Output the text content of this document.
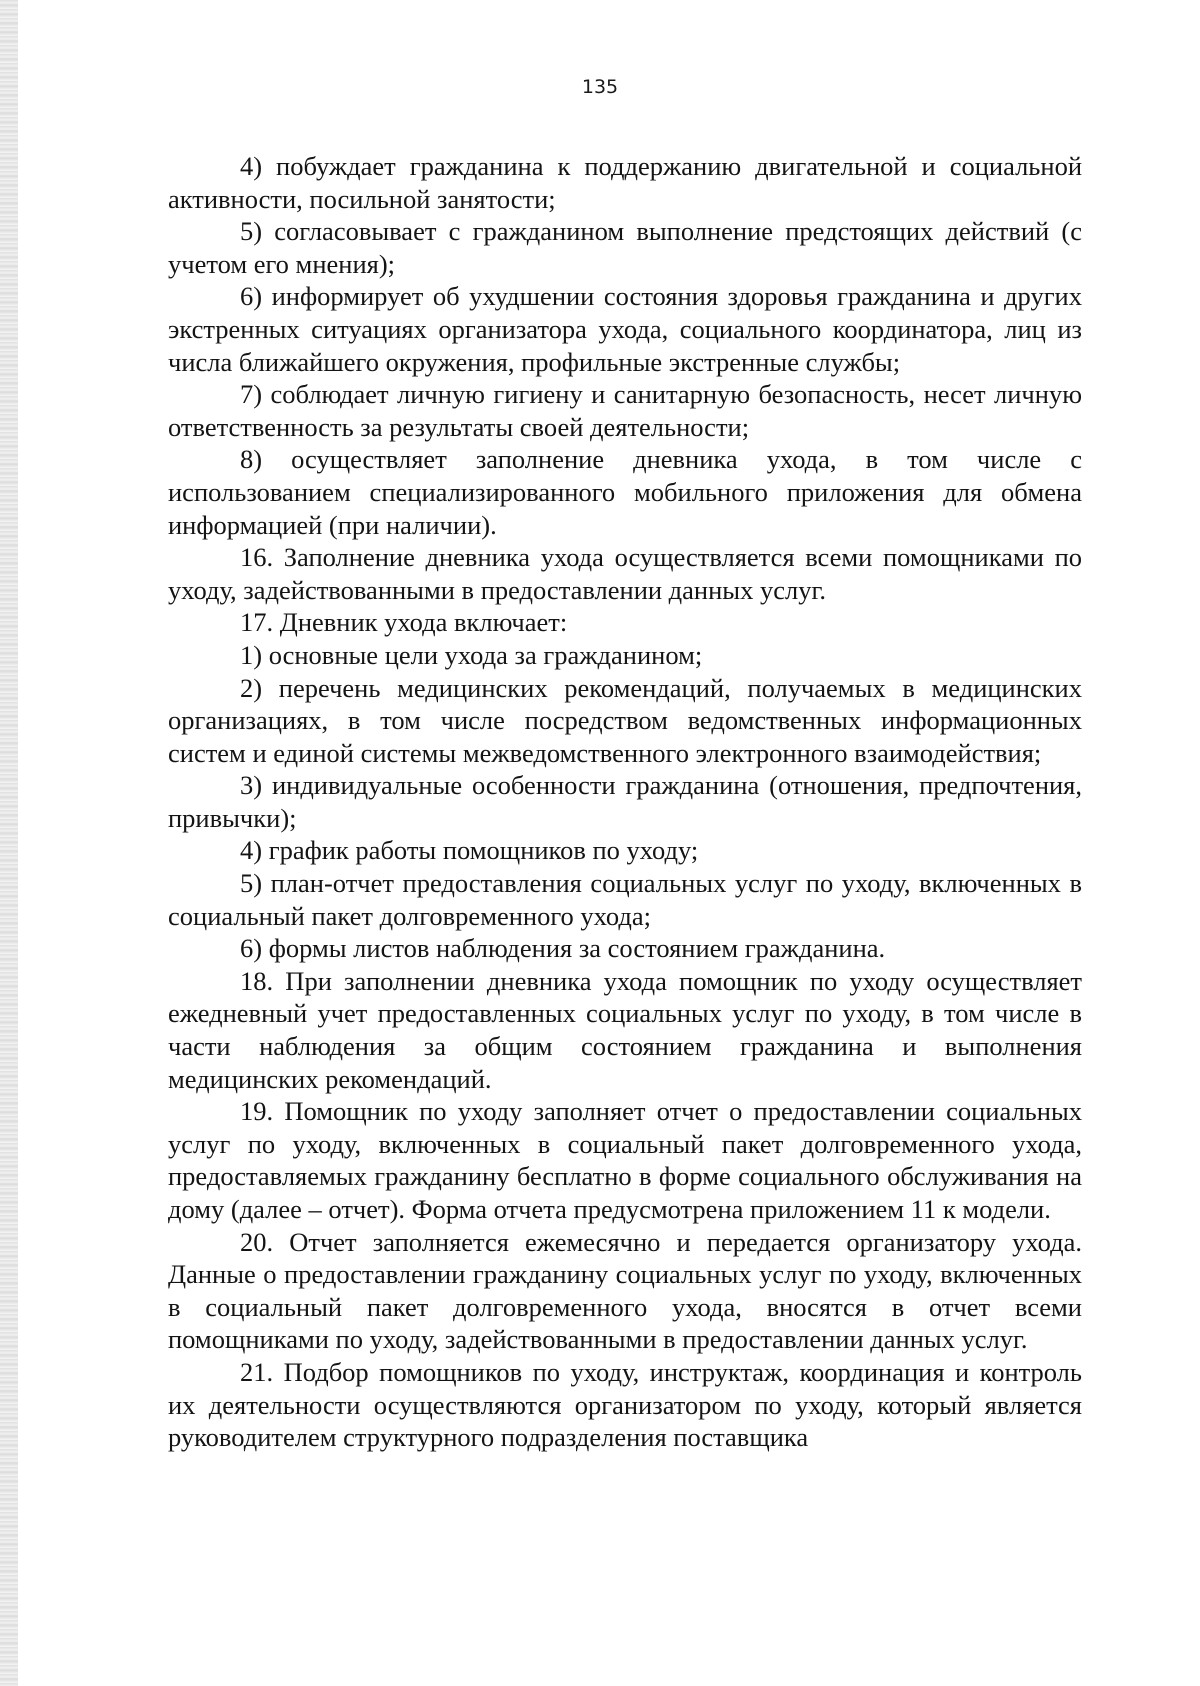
135

4) побуждает гражданина к поддержанию двигательной и социальной активности, посильной занятости;

5) согласовывает с гражданином выполнение предстоящих действий (с учетом его мнения);

6) информирует об ухудшении состояния здоровья гражданина и других экстренных ситуациях организатора ухода, социального координатора, лиц из числа ближайшего окружения, профильные экстренные службы;

7) соблюдает личную гигиену и санитарную безопасность, несет личную ответственность за результаты своей деятельности;

8) осуществляет заполнение дневника ухода, в том числе с использованием специализированного мобильного приложения для обмена информацией (при наличии).

16. Заполнение дневника ухода осуществляется всеми помощниками по уходу, задействованными в предоставлении данных услуг.

17. Дневник ухода включает:

1) основные цели ухода за гражданином;

2) перечень медицинских рекомендаций, получаемых в медицинских организациях, в том числе посредством ведомственных информационных систем и единой системы межведомственного электронного взаимодействия;

3) индивидуальные особенности гражданина (отношения, предпочтения, привычки);

4) график работы помощников по уходу;

5) план-отчет предоставления социальных услуг по уходу, включенных в социальный пакет долговременного ухода;

6) формы листов наблюдения за состоянием гражданина.

18. При заполнении дневника ухода помощник по уходу осуществляет ежедневный учет предоставленных социальных услуг по уходу, в том числе в части наблюдения за общим состоянием гражданина и выполнения медицинских рекомендаций.

19. Помощник по уходу заполняет отчет о предоставлении социальных услуг по уходу, включенных в социальный пакет долговременного ухода, предоставляемых гражданину бесплатно в форме социального обслуживания на дому (далее – отчет). Форма отчета предусмотрена приложением 11 к модели.

20. Отчет заполняется ежемесячно и передается организатору ухода. Данные о предоставлении гражданину социальных услуг по уходу, включенных в социальный пакет долговременного ухода, вносятся в отчет всеми помощниками по уходу, задействованными в предоставлении данных услуг.

21. Подбор помощников по уходу, инструктаж, координация и контроль их деятельности осуществляются организатором по уходу, который является руководителем структурного подразделения поставщика
